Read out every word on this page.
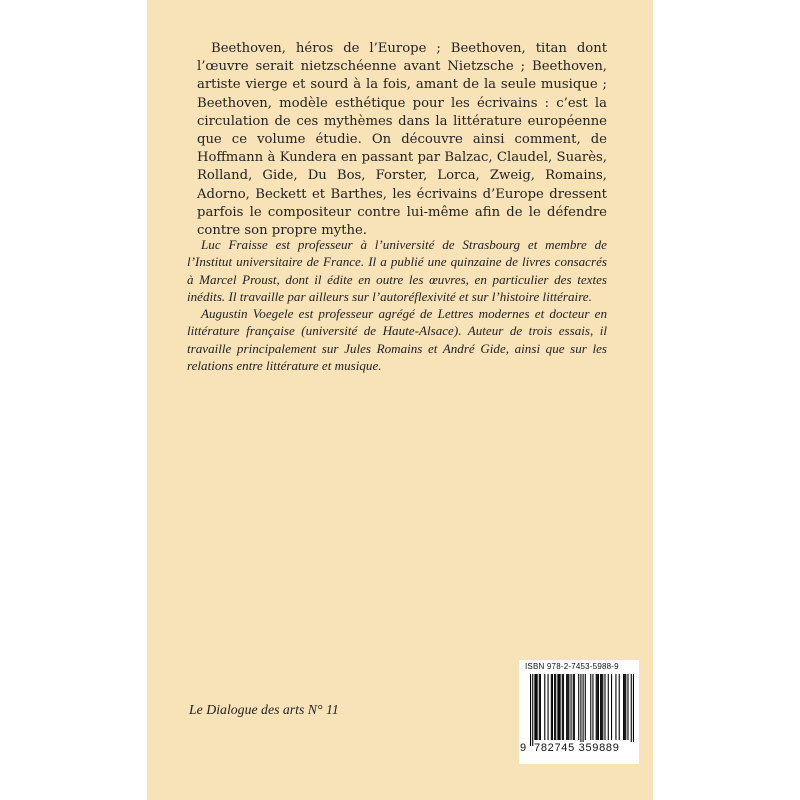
Beethoven, héros de l’Europe ; Beethoven, titan dont l’œuvre serait nietzschéenne avant Nietzsche ; Beethoven, artiste vierge et sourd à la fois, amant de la seule musique ; Beethoven, modèle esthétique pour les écrivains : c’est la circulation de ces mythèmes dans la littérature européenne que ce volume étudie. On découvre ainsi comment, de Hoffmann à Kundera en passant par Balzac, Claudel, Suarès, Rolland, Gide, Du Bos, Forster, Lorca, Zweig, Romains, Adorno, Beckett et Barthes, les écrivains d’Europe dressent parfois le compositeur contre lui-même afin de le défendre contre son propre mythe.

Luc Fraisse est professeur à l’université de Strasbourg et membre de l’Institut universitaire de France. Il a publié une quinzaine de livres consacrés à Marcel Proust, dont il édite en outre les œuvres, en particulier des textes inédits. Il travaille par ailleurs sur l’autoréflexivité et sur l’histoire littéraire.

Augustin Voegele est professeur agrégé de Lettres modernes et docteur en littérature française (université de Haute-Alsace). Auteur de trois essais, il travaille principalement sur Jules Romains et André Gide, ainsi que sur les relations entre littérature et musique.

Le Dialogue des arts N° 11
ISBN 978-2-7453-5988-9
9 782745 359889
